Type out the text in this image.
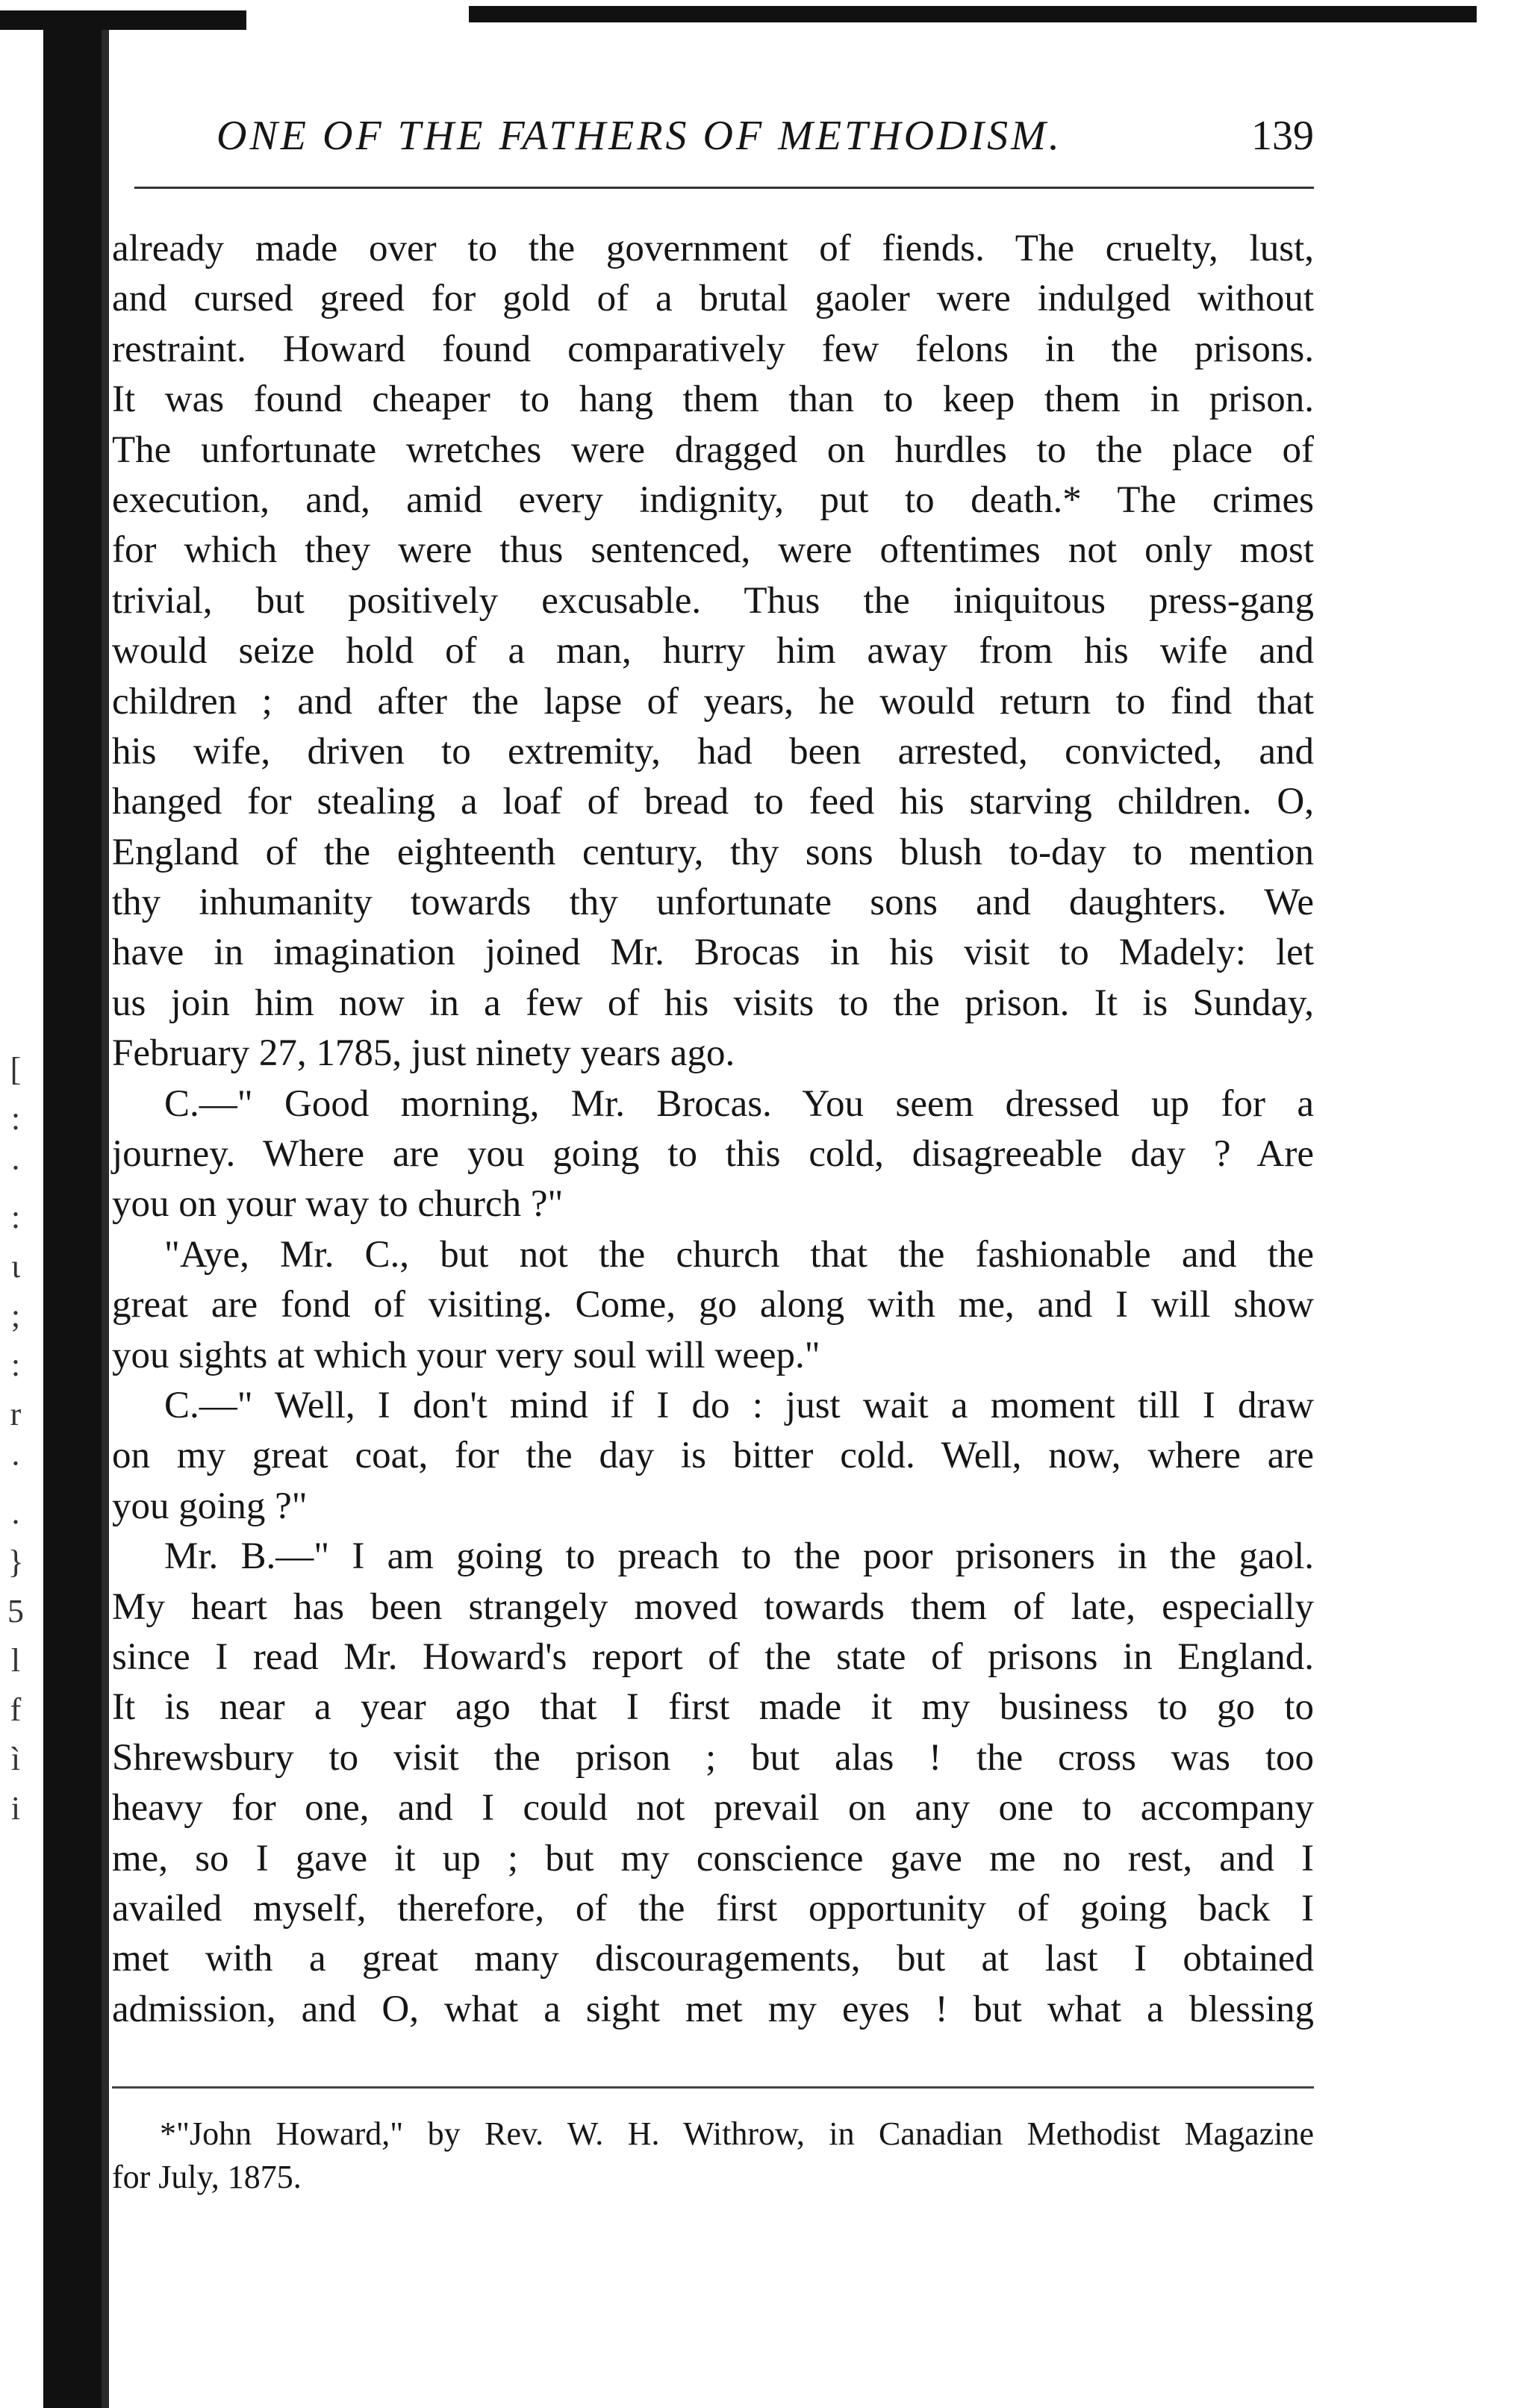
[
:
·
:
ι
;
:
r
·
.
}
5
l
f
ì
i
ONE OF THE FATHERS OF METHODISM.	139
already made over to the government of fiends. The cruelty, lust,
and cursed greed for gold of a brutal gaoler were indulged without
restraint. Howard found comparatively few felons in the prisons.
It was found cheaper to hang them than to keep them in prison.
The unfortunate wretches were dragged on hurdles to the place of
execution, and, amid every indignity, put to death.* The crimes
for which they were thus sentenced, were oftentimes not only most
trivial, but positively excusable. Thus the iniquitous press-gang
would seize hold of a man, hurry him away from his wife and
children ; and after the lapse of years, he would return to find that
his wife, driven to extremity, had been arrested, convicted, and
hanged for stealing a loaf of bread to feed his starving children. O,
England of the eighteenth century, thy sons blush to-day to mention
thy inhumanity towards thy unfortunate sons and daughters. We
have in imagination joined Mr. Brocas in his visit to Madely: let
us join him now in a few of his visits to the prison. It is Sunday,
February 27, 1785, just ninety years ago.
C.—" Good morning, Mr. Brocas. You seem dressed up for a
journey. Where are you going to this cold, disagreeable day ? Are
you on your way to church ?"
"Aye, Mr. C., but not the church that the fashionable and the
great are fond of visiting. Come, go along with me, and I will show
you sights at which your very soul will weep."
C.—" Well, I don't mind if I do : just wait a moment till I draw
on my great coat, for the day is bitter cold. Well, now, where are
you going ?"
Mr. B.—" I am going to preach to the poor prisoners in the gaol.
My heart has been strangely moved towards them of late, especially
since I read Mr. Howard's report of the state of prisons in England.
It is near a year ago that I first made it my business to go to
Shrewsbury to visit the prison ; but alas ! the cross was too
heavy for one, and I could not prevail on any one to accompany
me, so I gave it up ; but my conscience gave me no rest, and I
availed myself, therefore, of the first opportunity of going back I
met with a great many discouragements, but at last I obtained
admission, and O, what a sight met my eyes ! but what a blessing
*"John Howard," by Rev. W. H. Withrow, in Canadian Methodist Magazine
for July, 1875.
